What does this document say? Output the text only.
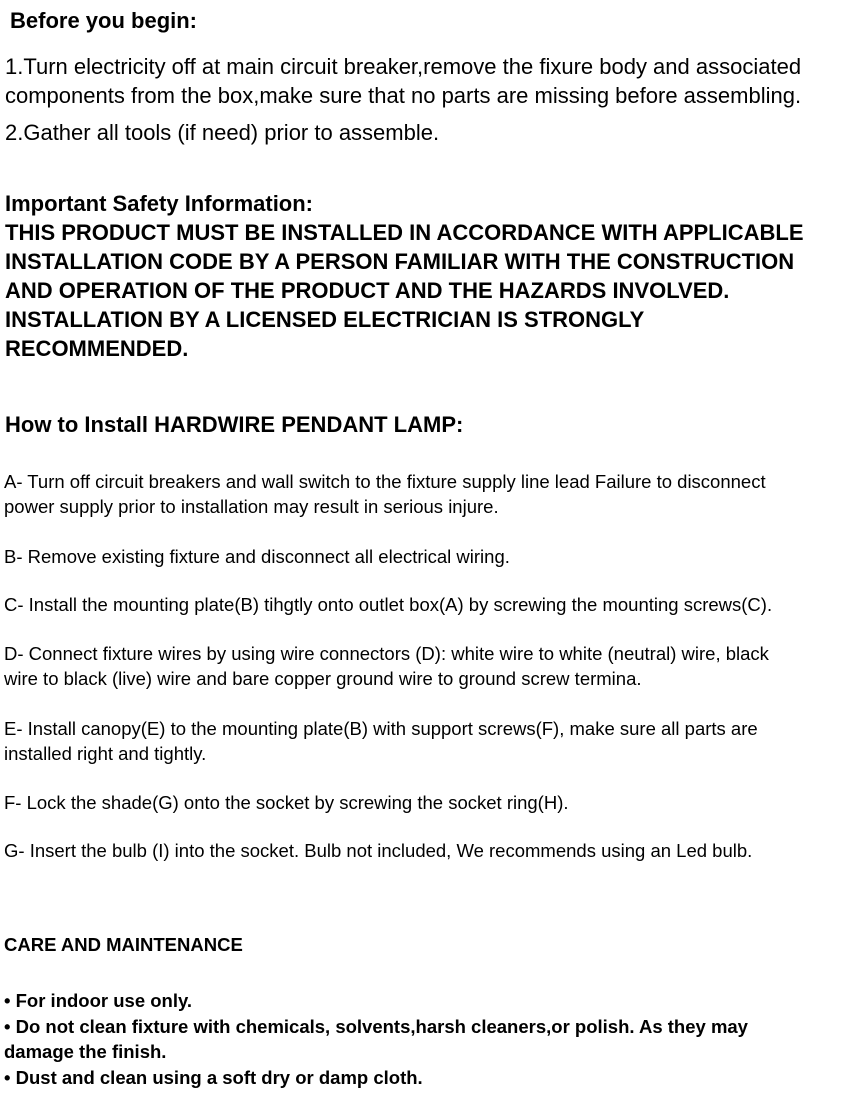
Before you begin:
1.Turn electricity off at main circuit breaker,remove the fixure body and associated
components from the box,make sure that no parts are missing before assembling.
2.Gather all tools (if need) prior to assemble.
Important Safety Information:
THIS PRODUCT MUST BE INSTALLED IN ACCORDANCE WITH APPLICABLE
INSTALLATION CODE BY A PERSON FAMILIAR WITH THE CONSTRUCTION
AND OPERATION OF THE PRODUCT AND THE HAZARDS INVOLVED.
INSTALLATION BY A LICENSED ELECTRICIAN IS STRONGLY
RECOMMENDED.
How to Install HARDWIRE PENDANT LAMP:
A- Turn off circuit breakers and wall switch to the fixture supply line lead Failure to disconnect
power supply prior to installation may result in serious injure.
B- Remove existing fixture and disconnect all electrical wiring.
C- Install the mounting plate(B) tihgtly onto outlet box(A) by screwing the mounting screws(C).
D- Connect fixture wires by using wire connectors (D): white wire to white (neutral) wire, black
wire to black (live) wire and bare copper ground wire to ground screw termina.
E- Install canopy(E) to the mounting plate(B) with support screws(F), make sure all parts are
installed right and tightly.
F- Lock the shade(G) onto the socket by screwing the socket ring(H).
G- Insert the bulb (I) into the socket. Bulb not included, We recommends using an Led bulb.
CARE AND MAINTENANCE
• For indoor use only.
• Do not clean fixture with chemicals, solvents,harsh cleaners,or polish. As they may
damage the finish.
• Dust and clean using a soft dry or damp cloth.
